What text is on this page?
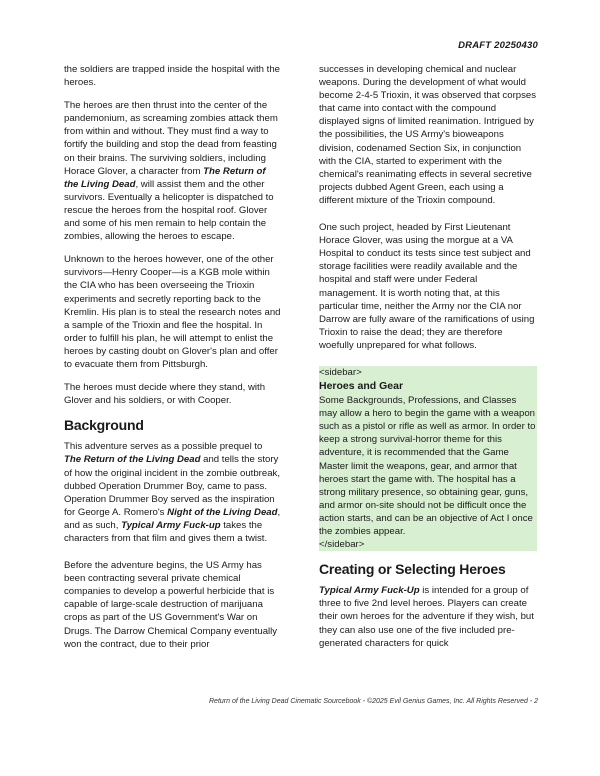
DRAFT 20250430

the soldiers are trapped inside the hospital with the heroes.

The heroes are then thrust into the center of the pandemonium, as screaming zombies attack them from within and without. They must find a way to fortify the building and stop the dead from feasting on their brains. The surviving soldiers, including Horace Glover, a character from The Return of the Living Dead, will assist them and the other survivors. Eventually a helicopter is dispatched to rescue the heroes from the hospital roof. Glover and some of his men remain to help contain the zombies, allowing the heroes to escape.

Unknown to the heroes however, one of the other survivors—Henry Cooper—is a KGB mole within the CIA who has been overseeing the Trioxin experiments and secretly reporting back to the Kremlin. His plan is to steal the research notes and a sample of the Trioxin and flee the hospital. In order to fulfill his plan, he will attempt to enlist the heroes by casting doubt on Glover's plan and offer to evacuate them from Pittsburgh.

The heroes must decide where they stand, with Glover and his soldiers, or with Cooper.

Background

This adventure serves as a possible prequel to The Return of the Living Dead and tells the story of how the original incident in the zombie outbreak, dubbed Operation Drummer Boy, came to pass. Operation Drummer Boy served as the inspiration for George A. Romero's Night of the Living Dead, and as such, Typical Army Fuck-up takes the characters from that film and gives them a twist.

Before the adventure begins, the US Army has been contracting several private chemical companies to develop a powerful herbicide that is capable of large-scale destruction of marijuana crops as part of the US Government's War on Drugs. The Darrow Chemical Company eventually won the contract, due to their prior

successes in developing chemical and nuclear weapons. During the development of what would become 2-4-5 Trioxin, it was observed that corpses that came into contact with the compound displayed signs of limited reanimation. Intrigued by the possibilities, the US Army's bioweapons division, codenamed Section Six, in conjunction with the CIA, started to experiment with the chemical's reanimating effects in several secretive projects dubbed Agent Green, each using a different mixture of the Trioxin compound.

One such project, headed by First Lieutenant Horace Glover, was using the morgue at a VA Hospital to conduct its tests since test subject and storage facilities were readily available and the hospital and staff were under Federal management. It is worth noting that, at this particular time, neither the Army nor the CIA nor Darrow are fully aware of the ramifications of using Trioxin to raise the dead; they are therefore woefully unprepared for what follows.

<sidebar>
Heroes and Gear
Some Backgrounds, Professions, and Classes may allow a hero to begin the game with a weapon such as a pistol or rifle as well as armor. In order to keep a strong survival-horror theme for this adventure, it is recommended that the Game Master limit the weapons, gear, and armor that heroes start the game with. The hospital has a strong military presence, so obtaining gear, guns, and armor on-site should not be difficult once the action starts, and can be an objective of Act I once the zombies appear.
</sidebar>
Creating or Selecting Heroes

Typical Army Fuck-Up is intended for a group of three to five 2nd level heroes. Players can create their own heroes for the adventure if they wish, but they can also use one of the five included pre-generated characters for quick

Return of the Living Dead Cinematic Sourcebook - ©2025 Evil Genius Games, Inc. All Rights Reserved - 2
